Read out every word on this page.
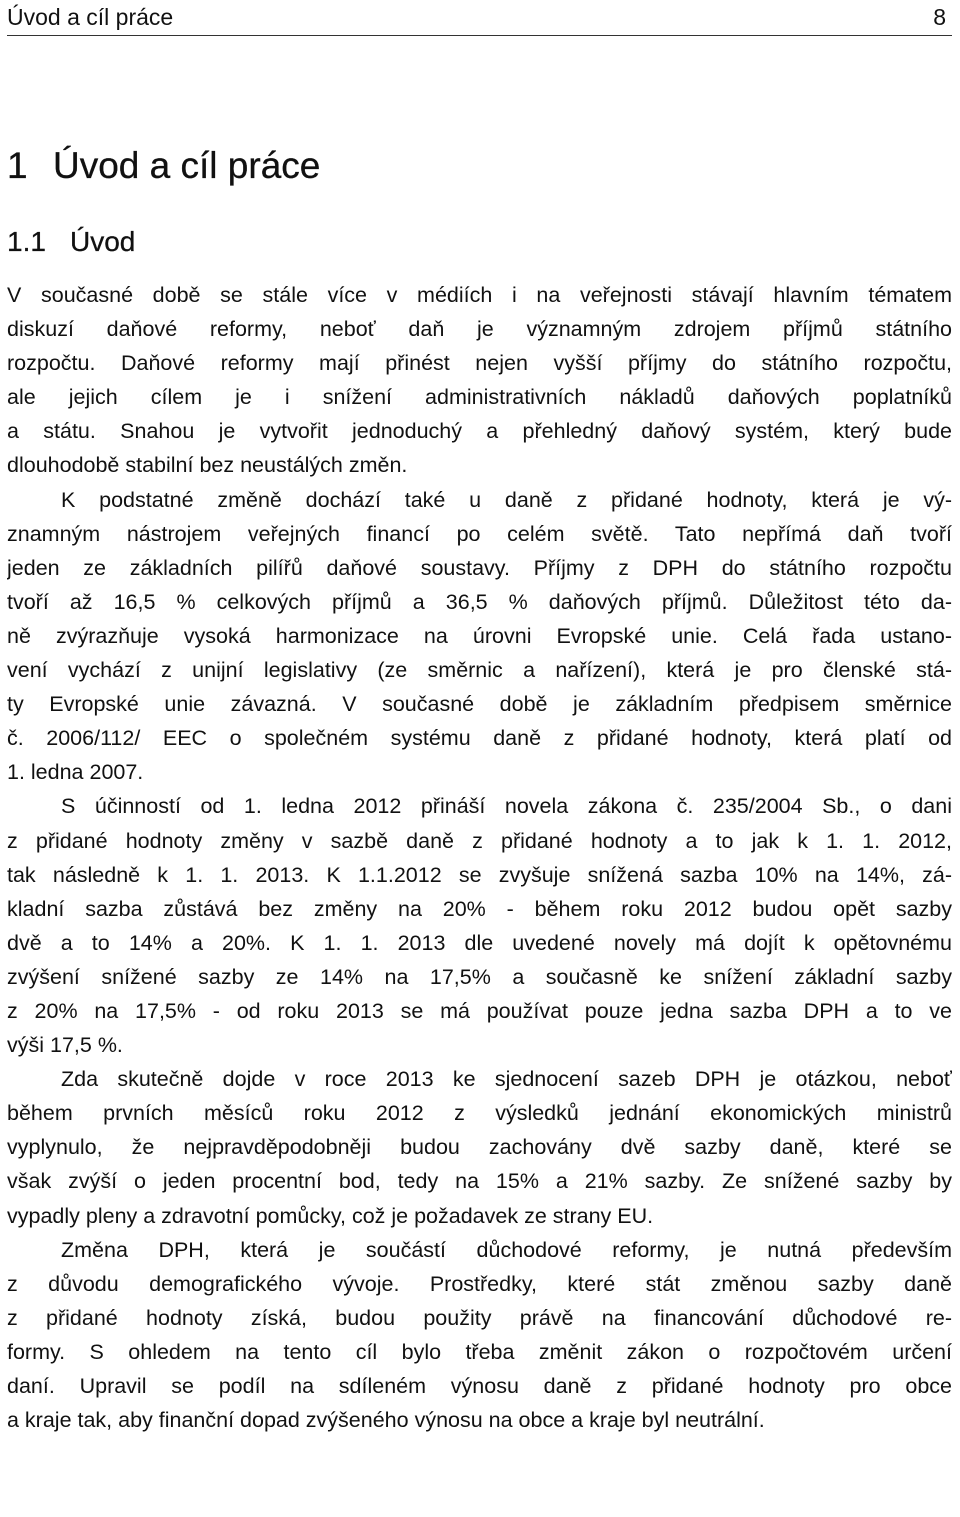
Úvod a cíl práce	8
1 Úvod a cíl práce
1.1 Úvod
V současné době se stále více v médiích i na veřejnosti stávají hlavním tématem
diskuzí daňové reformy, neboť daň je významným zdrojem příjmů státního
rozpočtu. Daňové reformy mají přinést nejen vyšší příjmy do státního rozpočtu,
ale jejich cílem je i snížení administrativních nákladů daňových poplatníků
a státu. Snahou je vytvořit jednoduchý a přehledný daňový systém, který bude
dlouhodobě stabilní bez neustálých změn.
K podstatné změně dochází také u daně z přidané hodnoty, která je vý-
znamným nástrojem veřejných financí po celém světě. Tato nepřímá daň tvoří
jeden ze základních pilířů daňové soustavy. Příjmy z DPH do státního rozpočtu
tvoří až 16,5 % celkových příjmů a 36,5 % daňových příjmů. Důležitost této da-
ně zvýrazňuje vysoká harmonizace na úrovni Evropské unie. Celá řada ustano-
vení vychází z unijní legislativy (ze směrnic a nařízení), která je pro členské stá-
ty Evropské unie závazná. V současné době je základním předpisem směrnice
č. 2006/112/ EEC o společném systému daně z přidané hodnoty, která platí od
1. ledna 2007.
S účinností od 1. ledna 2012 přináší novela zákona č. 235/2004 Sb., o dani
z přidané hodnoty změny v sazbě daně z přidané hodnoty a to jak k 1. 1. 2012,
tak následně k 1. 1. 2013. K 1.1.2012 se zvyšuje snížená sazba 10% na 14%, zá-
kladní sazba zůstává bez změny na 20% - během roku 2012 budou opět sazby
dvě a to 14% a 20%. K 1. 1. 2013 dle uvedené novely má dojít k opětovnému
zvýšení snížené sazby ze 14% na 17,5% a současně ke snížení základní sazby
z 20% na 17,5% - od roku 2013 se má používat pouze jedna sazba DPH a to ve
výši 17,5 %.
Zda skutečně dojde v roce 2013 ke sjednocení sazeb DPH je otázkou, neboť
během prvních měsíců roku 2012 z výsledků jednání ekonomických ministrů
vyplynulo, že nejpravděpodobněji budou zachovány dvě sazby daně, které se
však zvýší o jeden procentní bod, tedy na 15% a 21% sazby. Ze snížené sazby by
vypadly pleny a zdravotní pomůcky, což je požadavek ze strany EU.
Změna DPH, která je součástí důchodové reformy, je nutná především
z důvodu demografického vývoje. Prostředky, které stát změnou sazby daně
z přidané hodnoty získá, budou použity právě na financování důchodové re-
formy. S ohledem na tento cíl bylo třeba změnit zákon o rozpočtovém určení
daní. Upravil se podíl na sdíleném výnosu daně z přidané hodnoty pro obce
a kraje tak, aby finanční dopad zvýšeného výnosu na obce a kraje byl neutrální.
